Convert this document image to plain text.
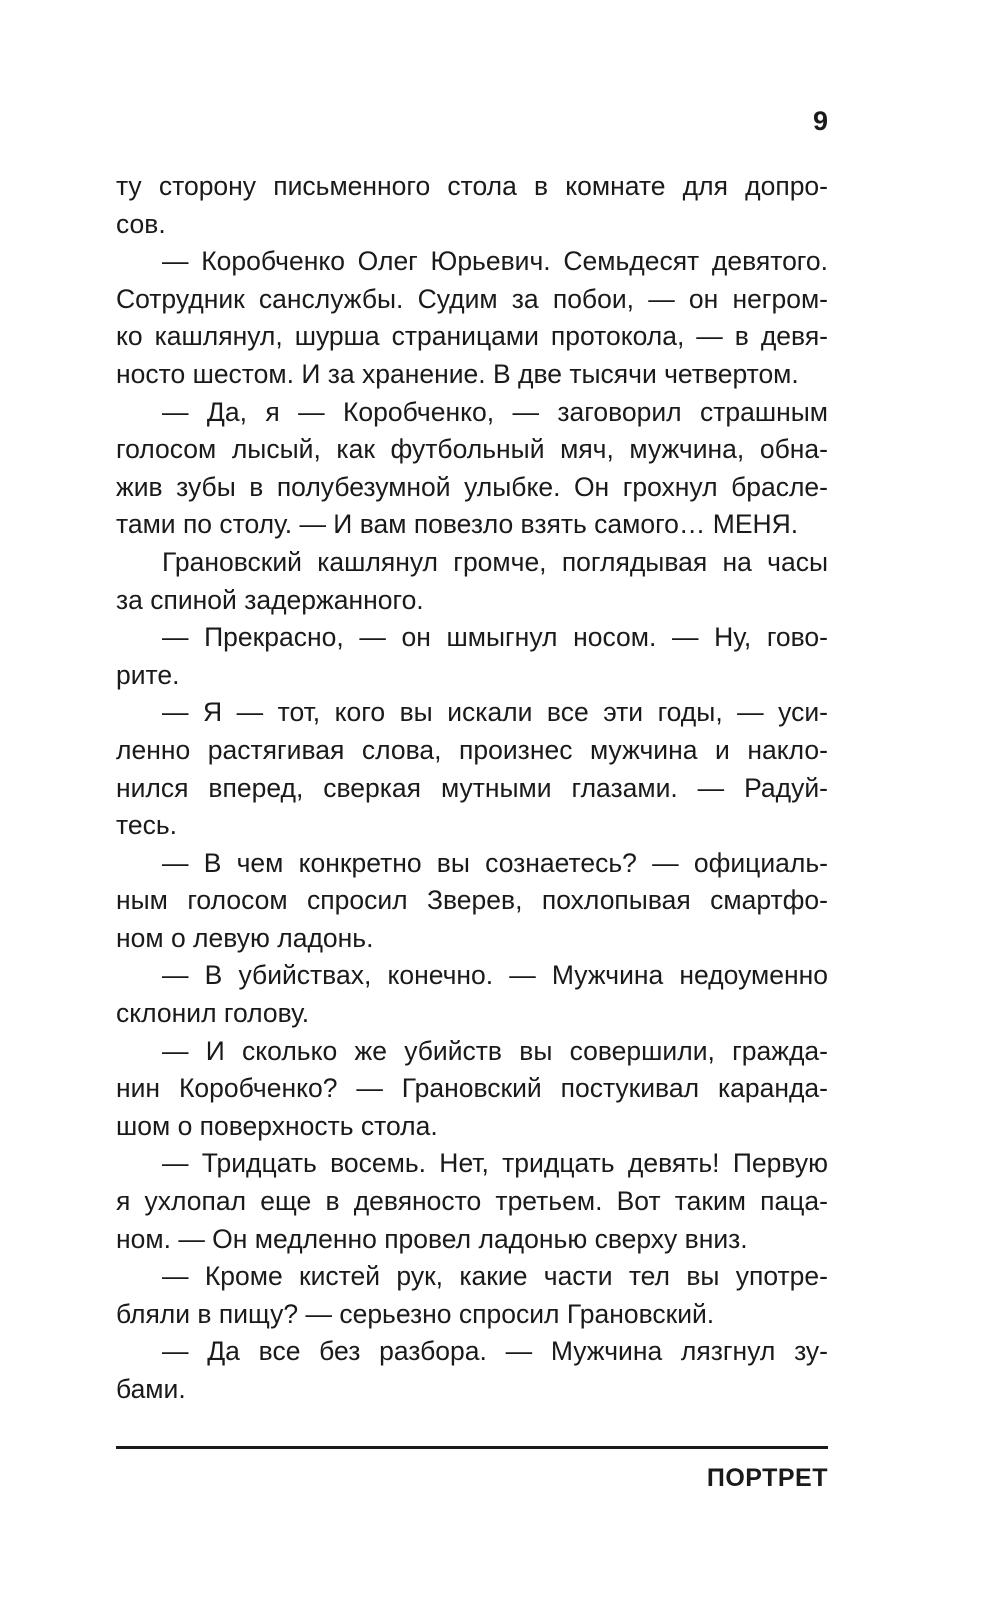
9
ту сторону письменного стола в комнате для допро-
сов.
— Коробченко Олег Юрьевич. Семьдесят девятого.
Сотрудник санслужбы. Судим за побои, — он негром-
ко кашлянул, шурша страницами протокола, — в девя-
носто шестом. И за хранение. В две тысячи четвертом.
— Да, я — Коробченко, — заговорил страшным
голосом лысый, как футбольный мяч, мужчина, обна-
жив зубы в полубезумной улыбке. Он грохнул брасле-
тами по столу. — И вам повезло взять самого… МЕНЯ.
Грановский кашлянул громче, поглядывая на часы
за спиной задержанного.
— Прекрасно, — он шмыгнул носом. — Ну, гово-
рите.
— Я — тот, кого вы искали все эти годы, — уси-
ленно растягивая слова, произнес мужчина и накло-
нился вперед, сверкая мутными глазами. — Радуй-
тесь.
— В чем конкретно вы сознаетесь? — официаль-
ным голосом спросил Зверев, похлопывая смартфо-
ном о левую ладонь.
— В убийствах, конечно. — Мужчина недоуменно
склонил голову.
— И сколько же убийств вы совершили, гражда-
нин Коробченко? — Грановский постукивал каранда-
шом о поверхность стола.
— Тридцать восемь. Нет, тридцать девять! Первую
я ухлопал еще в девяносто третьем. Вот таким паца-
ном. — Он медленно провел ладонью сверху вниз.
— Кроме кистей рук, какие части тел вы употре-
бляли в пищу? — серьезно спросил Грановский.
— Да все без разбора. — Мужчина лязгнул зу-
бами.
ПОРТРЕТ
